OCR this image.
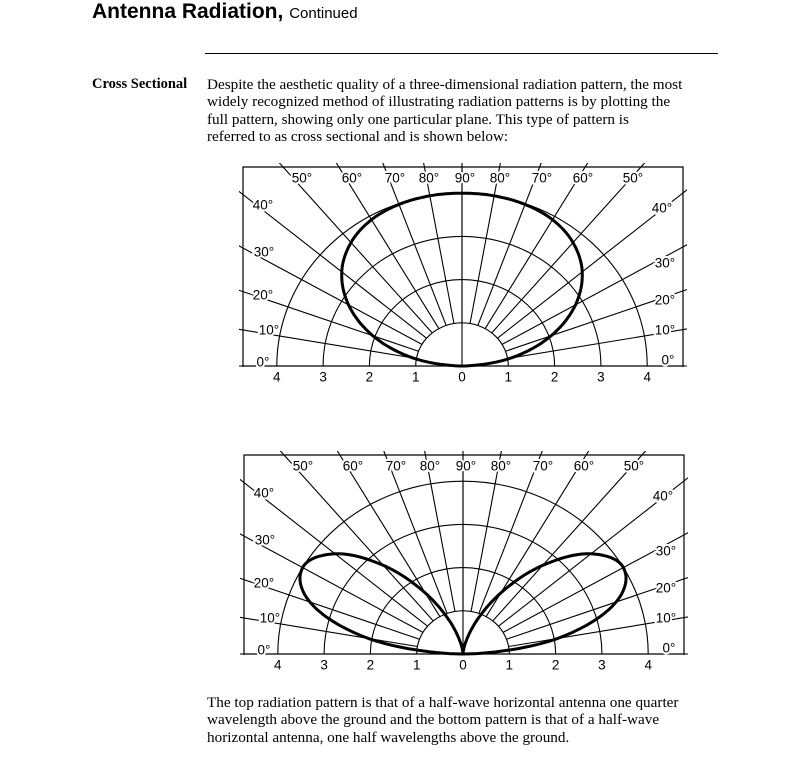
Antenna Radiation, Continued
Cross Sectional Despite the aesthetic quality of a three-dimensional radiation pattern, the most
widely recognized method of illustrating radiation patterns is by plotting the
full pattern, showing only one particular plane. This type of pattern is
referred to as cross sectional and is shown below:
50° 60° 70° 80° 90° 80° 70° 60° 50°
40°
30°
20°
10°
0°
40°
30°
20°
10°
0°
4	3	2	1	0	1	2	3	4
50° 60° 70° 80° 90° 80° 70° 60° 50°
40°
30°
20°
10°
0°
40°
30°
20°
10°
0°
4	3	2	1	0	1	2	3	4
The top radiation pattern is that of a half-wave horizontal antenna one quarter
wavelength above the ground and the bottom pattern is that of a half-wave
horizontal antenna, one half wavelengths above the ground.
